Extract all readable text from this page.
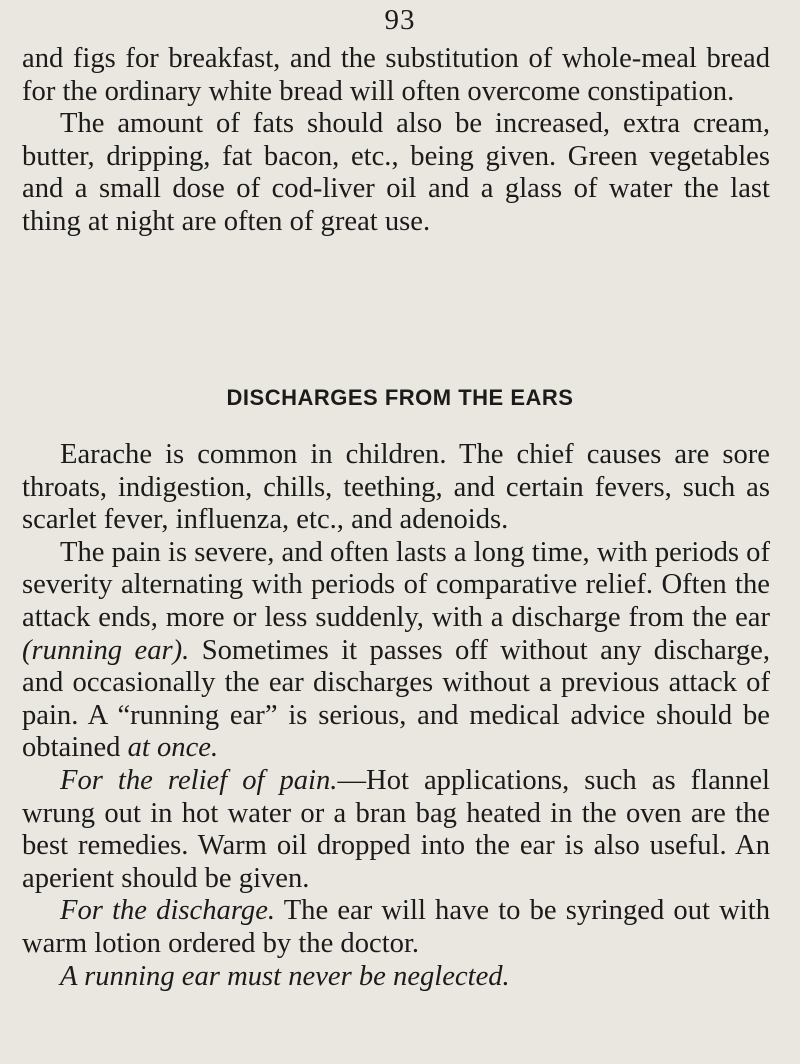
93

and figs for breakfast, and the substitution of whole-meal bread for the ordinary white bread will often overcome constipation.

The amount of fats should also be increased, extra cream, butter, dripping, fat bacon, etc., being given. Green vegetables and a small dose of cod-liver oil and a glass of water the last thing at night are often of great use.

DISCHARGES FROM THE EARS

Earache is common in children. The chief causes are sore throats, indigestion, chills, teething, and certain fevers, such as scarlet fever, influenza, etc., and adenoids.

The pain is severe, and often lasts a long time, with periods of severity alternating with periods of comparative relief. Often the attack ends, more or less suddenly, with a discharge from the ear (running ear). Sometimes it passes off without any discharge, and occasionally the ear discharges without a previous attack of pain. A “running ear” is serious, and medical advice should be obtained at once.

For the relief of pain.—Hot applications, such as flannel wrung out in hot water or a bran bag heated in the oven are the best remedies. Warm oil dropped into the ear is also useful. An aperient should be given.

For the discharge. The ear will have to be syringed out with warm lotion ordered by the doctor.

A running ear must never be neglected.
